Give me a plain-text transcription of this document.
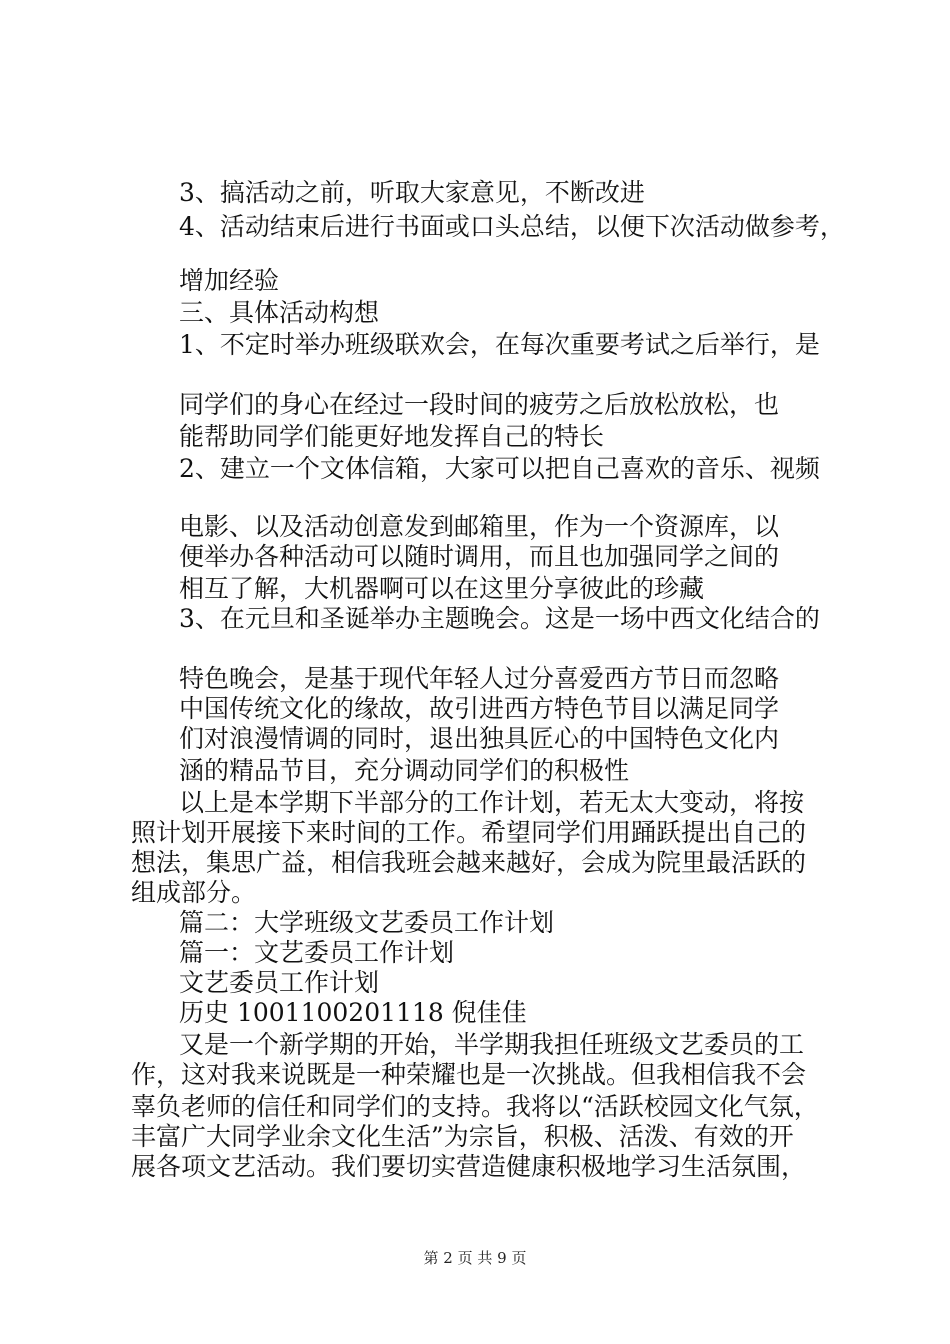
3、搞活动之前，听取大家意见，不断改进
4、活动结束后进行书面或口头总结，以便下次活动做参考，
增加经验
三、具体活动构想
1、不定时举办班级联欢会，在每次重要考试之后举行，是
同学们的身心在经过一段时间的疲劳之后放松放松，也
能帮助同学们能更好地发挥自己的特长
2、建立一个文体信箱，大家可以把自己喜欢的音乐、视频
电影、以及活动创意发到邮箱里，作为一个资源库，以
便举办各种活动可以随时调用，而且也加强同学之间的
相互了解，大机器啊可以在这里分享彼此的珍藏
3、在元旦和圣诞举办主题晚会。这是一场中西文化结合的
特色晚会，是基于现代年轻人过分喜爱西方节日而忽略
中国传统文化的缘故，故引进西方特色节目以满足同学
们对浪漫情调的同时，退出独具匠心的中国特色文化内
涵的精品节目，充分调动同学们的积极性
以上是本学期下半部分的工作计划，若无太大变动，将按
照计划开展接下来时间的工作。希望同学们用踊跃提出自己的
想法，集思广益，相信我班会越来越好，会成为院里最活跃的
组成部分。
篇二：大学班级文艺委员工作计划
篇一：文艺委员工作计划
文艺委员工作计划
历史 1001100201118 倪佳佳
又是一个新学期的开始，半学期我担任班级文艺委员的工
作，这对我来说既是一种荣耀也是一次挑战。但我相信我不会
辜负老师的信任和同学们的支持。我将以“活跃校园文化气氛，
丰富广大同学业余文化生活”为宗旨，积极、活泼、有效的开
展各项文艺活动。我们要切实营造健康积极地学习生活氛围，
第 2 页 共 9 页
